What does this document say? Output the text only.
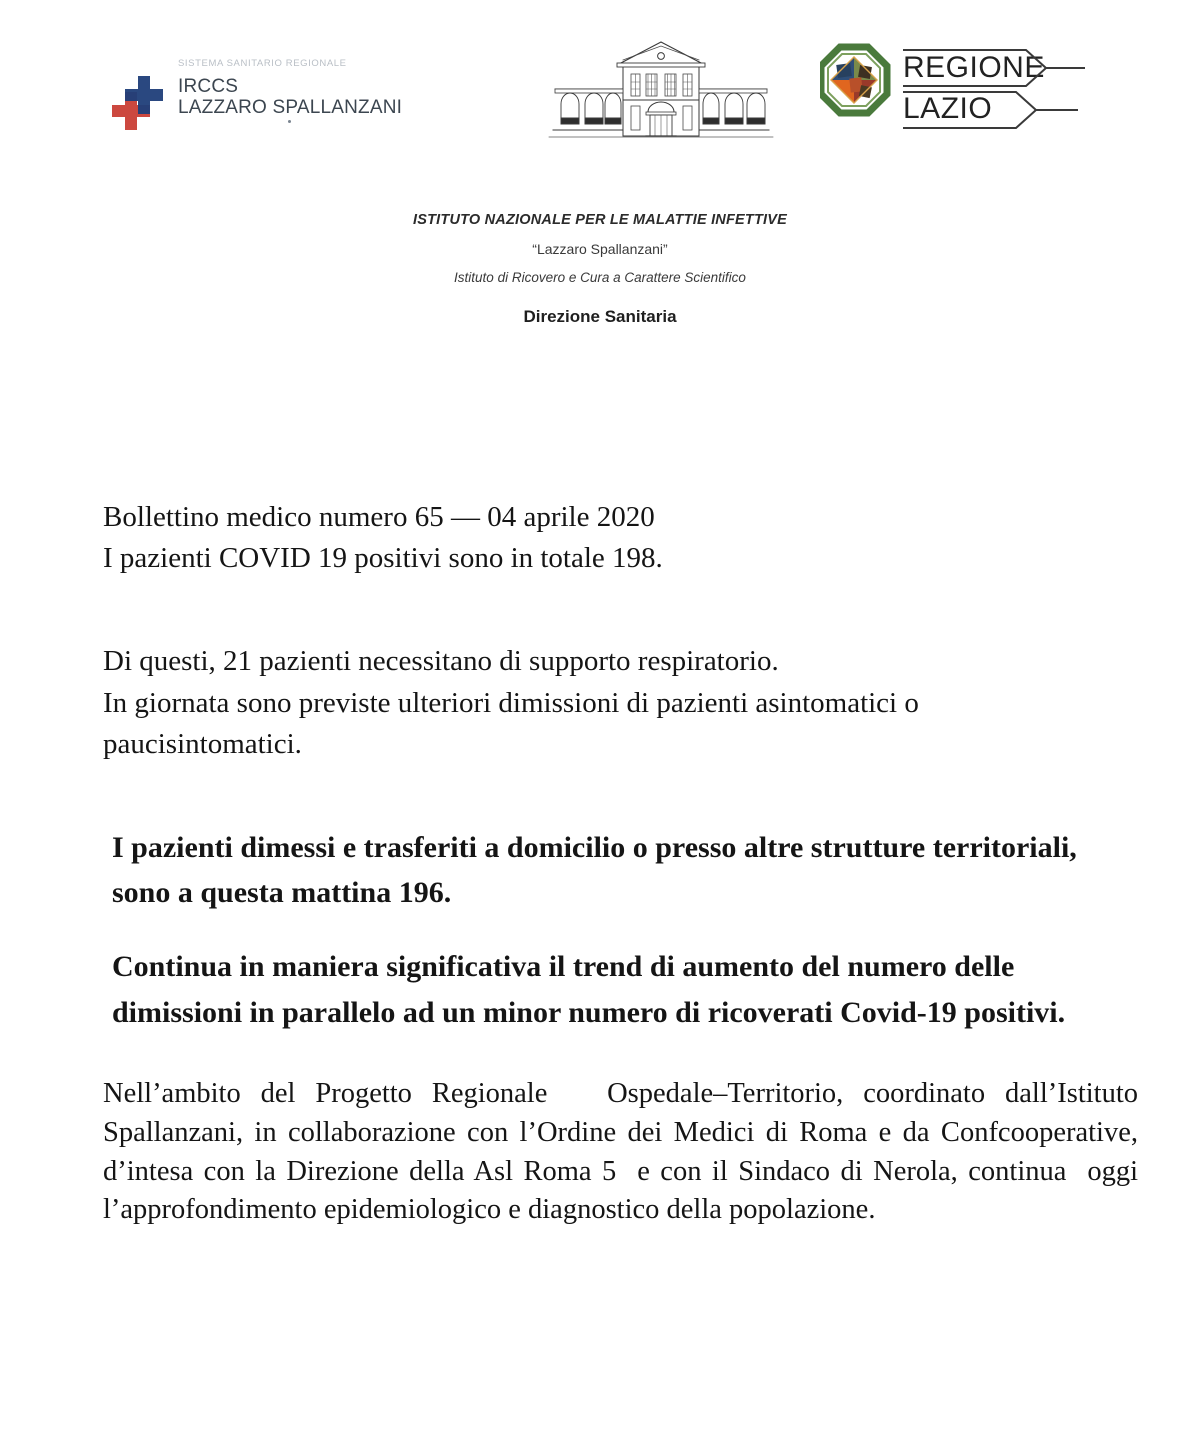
SISTEMA SANITARIO REGIONALE
IRCCS
LAZZARO SPALLANZANI
REGIONE
LAZIO
ISTITUTO NAZIONALE PER LE MALATTIE INFETTIVE
“Lazzaro Spallanzani”
Istituto di Ricovero e Cura a Carattere Scientifico
Direzione Sanitaria
Bollettino medico numero 65 — 04 aprile 2020
I pazienti COVID 19 positivi sono in totale 198.
Di questi, 21 pazienti necessitano di supporto respiratorio.
In giornata sono previste ulteriori dimissioni di pazienti asintomatici o paucisintomatici.
I pazienti dimessi e trasferiti a domicilio o presso altre strutture territoriali, sono a questa mattina 196.
Continua in maniera significativa il trend di aumento del numero delle dimissioni in parallelo ad un minor numero di ricoverati Covid-19 positivi.
Nell’ambito del Progetto Regionale   Ospedale–Territorio, coordinato dall’Istituto Spallanzani, in collaborazione con l’Ordine dei Medici di Roma e da Confcooperative, d’intesa con la Direzione della Asl Roma 5  e con il Sindaco di Nerola, continua  oggi  l’approfondimento epidemiologico e diagnostico della popolazione.
